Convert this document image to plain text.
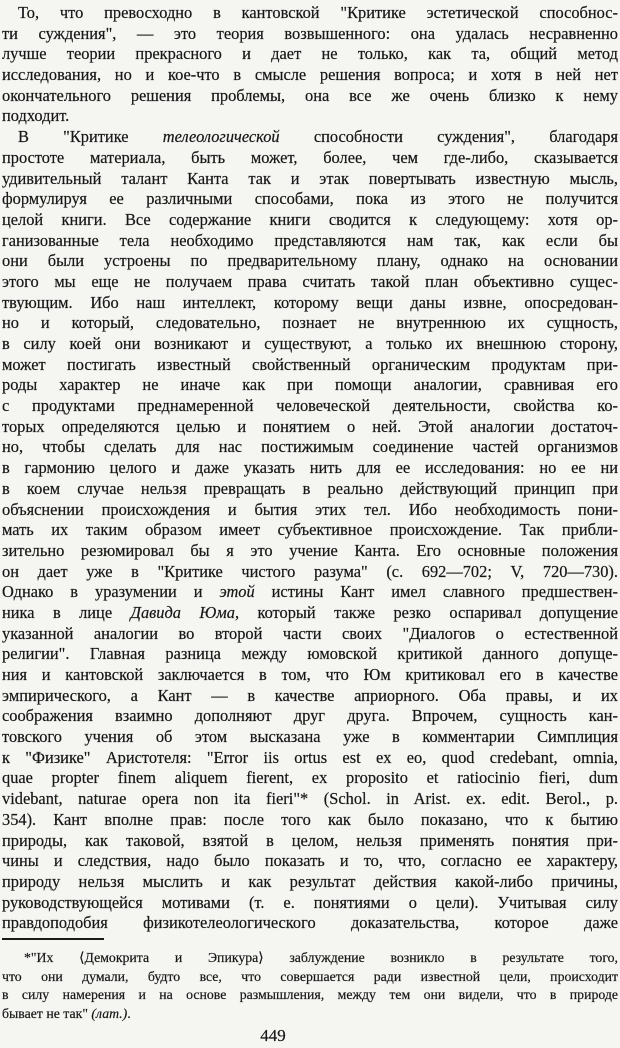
То, что превосходно в кантовской "Критике эстетической способнос-
ти суждения", — это теория возвышенного: она удалась несравненно
лучше теории прекрасного и дает не только, как та, общий метод
исследования, но и кое-что в смысле решения вопроса; и хотя в ней нет
окончательного решения проблемы, она все же очень близко к нему
подходит.
В "Критике телеологической способности суждения", благодаря
простоте материала, быть может, более, чем где-либо, сказывается
удивительный талант Канта так и этак повертывать известную мысль,
формулируя ее различными способами, пока из этого не получится
целой книги. Все содержание книги сводится к следующему: хотя ор-
ганизованные тела необходимо представляются нам так, как если бы
они были устроены по предварительному плану, однако на основании
этого мы еще не получаем права считать такой план объективно сущес-
твующим. Ибо наш интеллект, которому вещи даны извне, опосредован-
но и который, следовательно, познает не внутреннюю их сущность,
в силу коей они возникают и существуют, а только их внешнюю сторону,
может постигать известный свойственный органическим продуктам при-
роды характер не иначе как при помощи аналогии, сравнивая его
с продуктами преднамеренной человеческой деятельности, свойства ко-
торых определяются целью и понятием о ней. Этой аналогии достаточ-
но, чтобы сделать для нас постижимым соединение частей организмов
в гармонию целого и даже указать нить для ее исследования: но ее ни
в коем случае нельзя превращать в реально действующий принцип при
объяснении происхождения и бытия этих тел. Ибо необходимость пони-
мать их таким образом имеет субъективное происхождение. Так прибли-
зительно резюмировал бы я это учение Канта. Его основные положения
он дает уже в "Критике чистого разума" (с. 692—702; V, 720—730).
Однако в уразумении и этой истины Кант имел славного предшествен-
ника в лице Давида Юма, который также резко оспаривал допущение
указанной аналогии во второй части своих "Диалогов о естественной
религии". Главная разница между юмовской критикой данного допуще-
ния и кантовской заключается в том, что Юм критиковал его в качестве
эмпирического, а Кант — в качестве априорного. Оба правы, и их
соображения взаимно дополняют друг друга. Впрочем, сущность кан-
товского учения об этом высказана уже в комментарии Симплиция
к "Физике" Аристотеля: "Error iis ortus est ex eo, quod credebant, omnia,
quae propter finem aliquem fierent, ex proposito et ratiocinio fieri, dum
videbant, naturae opera non ita fieri"* (Schol. in Arist. ex. edit. Berol., p.
354). Кант вполне прав: после того как было показано, что к бытию
природы, как таковой, взятой в целом, нельзя применять понятия при-
чины и следствия, надо было показать и то, что, согласно ее характеру,
природу нельзя мыслить и как результат действия какой-либо причины,
руководствующейся мотивами (т. е. понятиями о цели). Учитывая силу
правдоподобия физикотелеологического доказательства, которое даже
*"Их ⟨Демокрита и Эпикура⟩ заблуждение возникло в результате того,
что они думали, будто все, что совершается ради известной цели, происходит
в силу намерения и на основе размышления, между тем они видели, что в природе
бывает не так" (лат.).
449
